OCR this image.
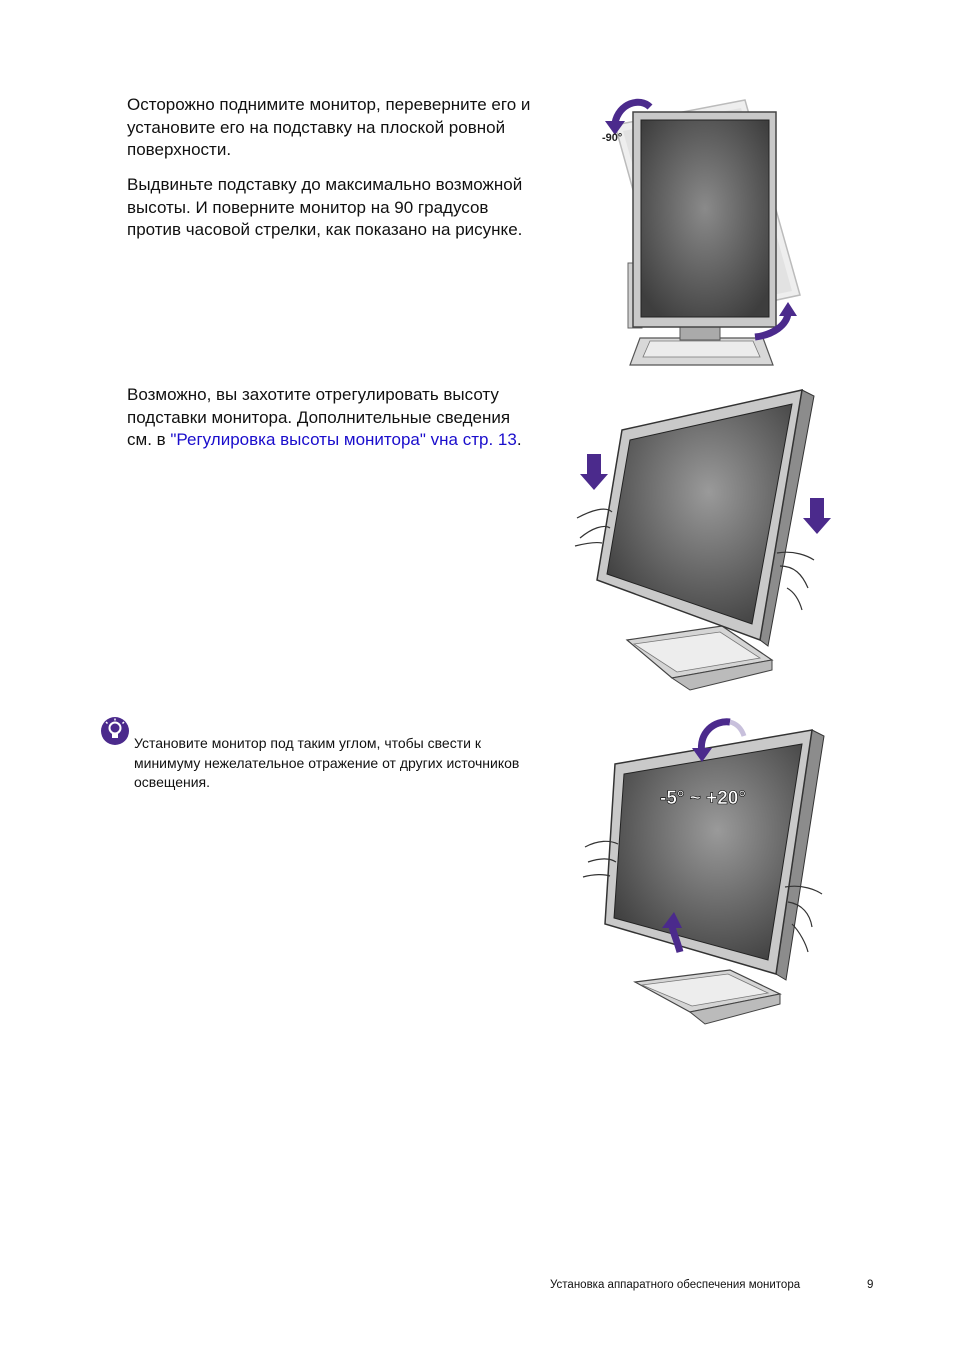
Осторожно поднимите монитор, переверните его и установите его на подставку на плоской ровной поверхности.

Выдвиньте подставку до максимально возможной высоты. И поверните монитор на 90 градусов против часовой стрелки, как показано на рисунке.

-90°

Возможно, вы захотите отрегулировать высоту подставки монитора. Дополнительные сведения см. в "Регулировка высоты монитора" vна стр. 13.

Установите монитор под таким углом, чтобы свести к минимуму нежелательное отражение от других источников освещения.

-5° ~ +20°
Установка аппаратного обеспечения монитора	9
